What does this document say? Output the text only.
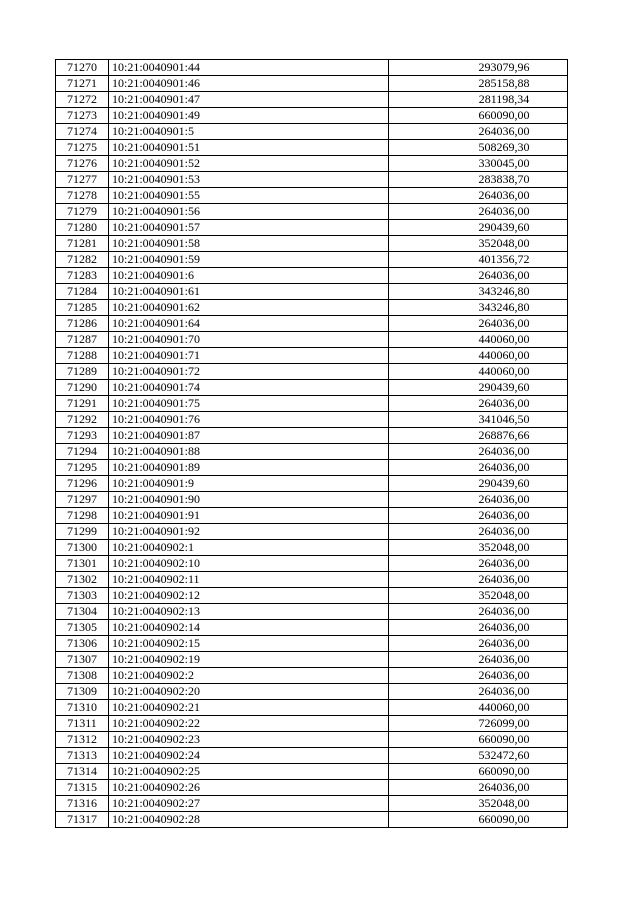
71270	10:21:0040901:44	293079,96
71271	10:21:0040901:46	285158,88
71272	10:21:0040901:47	281198,34
71273	10:21:0040901:49	660090,00
71274	10:21:0040901:5	264036,00
71275	10:21:0040901:51	508269,30
71276	10:21:0040901:52	330045,00
71277	10:21:0040901:53	283838,70
71278	10:21:0040901:55	264036,00
71279	10:21:0040901:56	264036,00
71280	10:21:0040901:57	290439,60
71281	10:21:0040901:58	352048,00
71282	10:21:0040901:59	401356,72
71283	10:21:0040901:6	264036,00
71284	10:21:0040901:61	343246,80
71285	10:21:0040901:62	343246,80
71286	10:21:0040901:64	264036,00
71287	10:21:0040901:70	440060,00
71288	10:21:0040901:71	440060,00
71289	10:21:0040901:72	440060,00
71290	10:21:0040901:74	290439,60
71291	10:21:0040901:75	264036,00
71292	10:21:0040901:76	341046,50
71293	10:21:0040901:87	268876,66
71294	10:21:0040901:88	264036,00
71295	10:21:0040901:89	264036,00
71296	10:21:0040901:9	290439,60
71297	10:21:0040901:90	264036,00
71298	10:21:0040901:91	264036,00
71299	10:21:0040901:92	264036,00
71300	10:21:0040902:1	352048,00
71301	10:21:0040902:10	264036,00
71302	10:21:0040902:11	264036,00
71303	10:21:0040902:12	352048,00
71304	10:21:0040902:13	264036,00
71305	10:21:0040902:14	264036,00
71306	10:21:0040902:15	264036,00
71307	10:21:0040902:19	264036,00
71308	10:21:0040902:2	264036,00
71309	10:21:0040902:20	264036,00
71310	10:21:0040902:21	440060,00
71311	10:21:0040902:22	726099,00
71312	10:21:0040902:23	660090,00
71313	10:21:0040902:24	532472,60
71314	10:21:0040902:25	660090,00
71315	10:21:0040902:26	264036,00
71316	10:21:0040902:27	352048,00
71317	10:21:0040902:28	660090,00
